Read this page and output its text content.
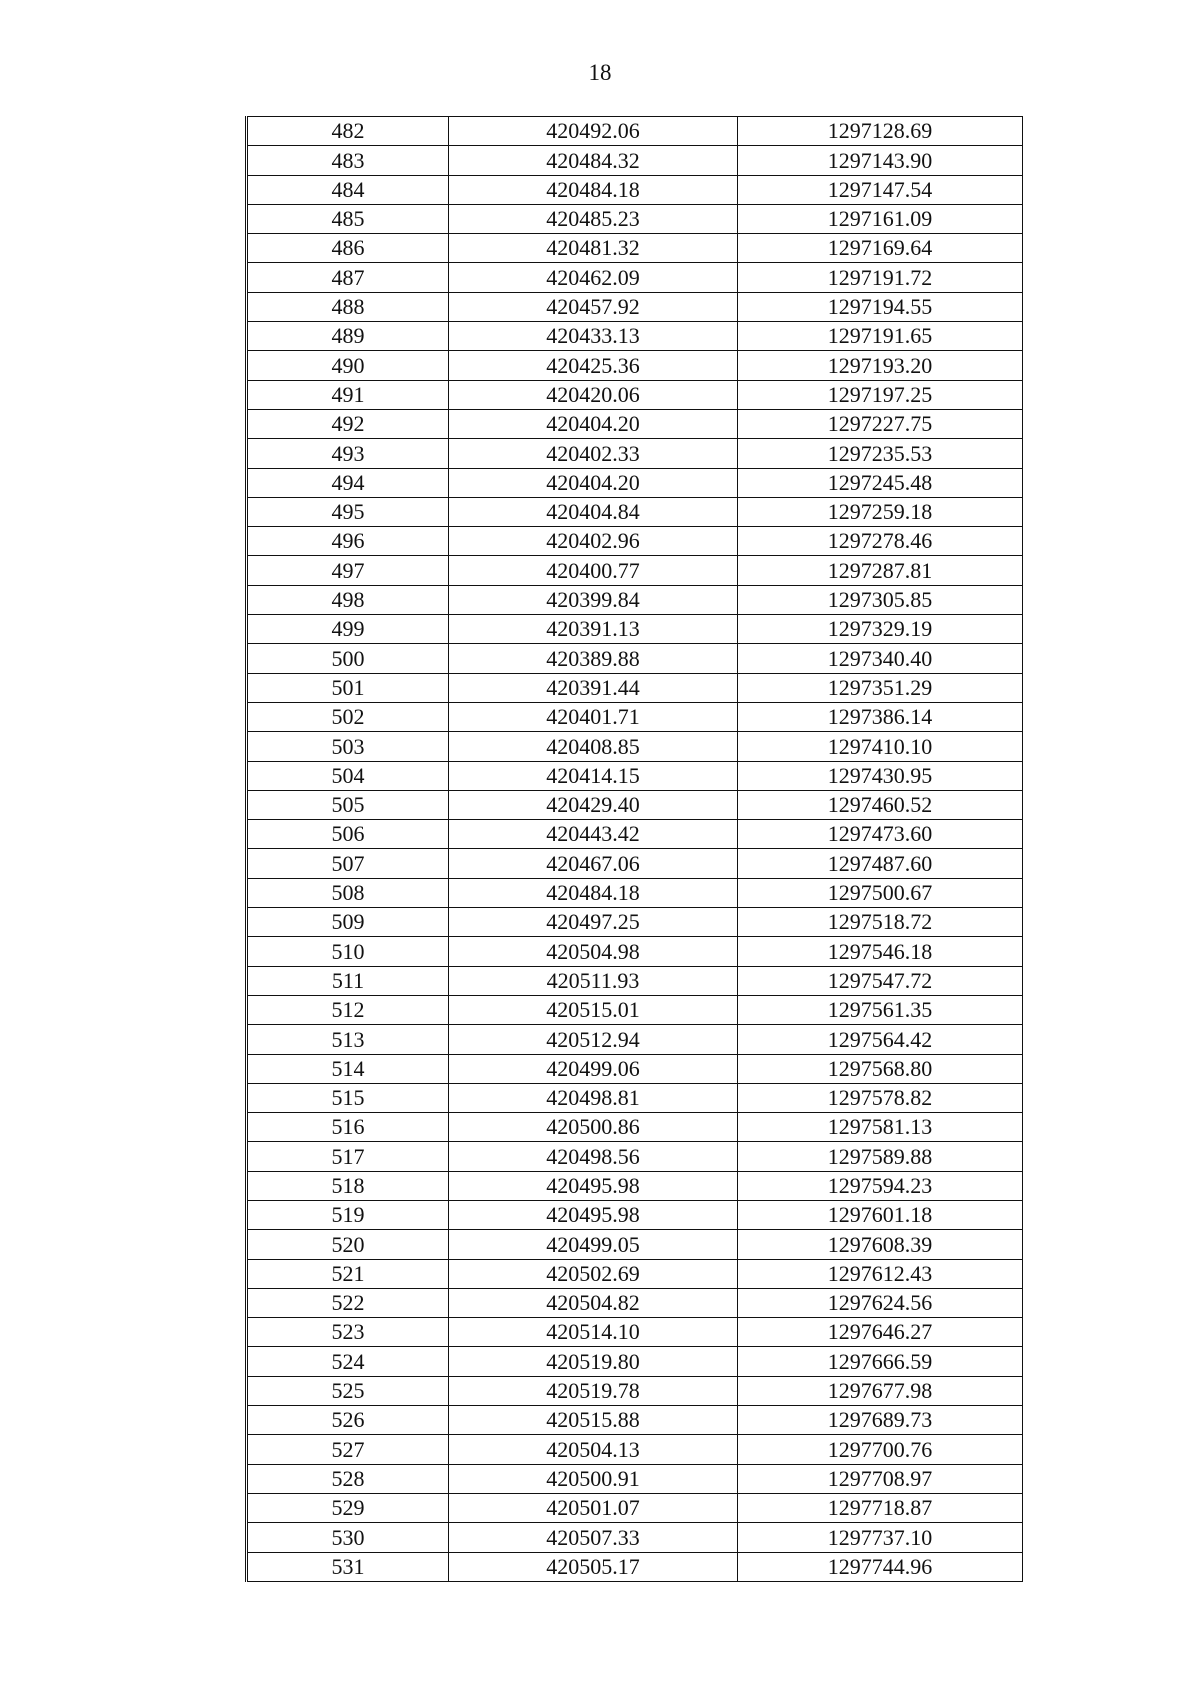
18
482	420492.06	1297128.69
483	420484.32	1297143.90
484	420484.18	1297147.54
485	420485.23	1297161.09
486	420481.32	1297169.64
487	420462.09	1297191.72
488	420457.92	1297194.55
489	420433.13	1297191.65
490	420425.36	1297193.20
491	420420.06	1297197.25
492	420404.20	1297227.75
493	420402.33	1297235.53
494	420404.20	1297245.48
495	420404.84	1297259.18
496	420402.96	1297278.46
497	420400.77	1297287.81
498	420399.84	1297305.85
499	420391.13	1297329.19
500	420389.88	1297340.40
501	420391.44	1297351.29
502	420401.71	1297386.14
503	420408.85	1297410.10
504	420414.15	1297430.95
505	420429.40	1297460.52
506	420443.42	1297473.60
507	420467.06	1297487.60
508	420484.18	1297500.67
509	420497.25	1297518.72
510	420504.98	1297546.18
511	420511.93	1297547.72
512	420515.01	1297561.35
513	420512.94	1297564.42
514	420499.06	1297568.80
515	420498.81	1297578.82
516	420500.86	1297581.13
517	420498.56	1297589.88
518	420495.98	1297594.23
519	420495.98	1297601.18
520	420499.05	1297608.39
521	420502.69	1297612.43
522	420504.82	1297624.56
523	420514.10	1297646.27
524	420519.80	1297666.59
525	420519.78	1297677.98
526	420515.88	1297689.73
527	420504.13	1297700.76
528	420500.91	1297708.97
529	420501.07	1297718.87
530	420507.33	1297737.10
531	420505.17	1297744.96
